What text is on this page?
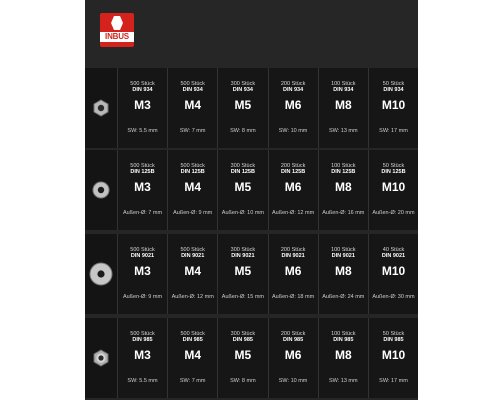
INBUS
500 Stück
DIN 934
M3
SW: 5.5 mm
500 Stück
DIN 934
M4
SW: 7 mm
300 Stück
DIN 934
M5
SW: 8 mm
200 Stück
DIN 934
M6
SW: 10 mm
100 Stück
DIN 934
M8
SW: 13 mm
50 Stück
DIN 934
M10
SW: 17 mm
500 Stück
DIN 125B
M3
Außen-Ø: 7 mm
500 Stück
DIN 125B
M4
Außen-Ø: 9 mm
300 Stück
DIN 125B
M5
Außen-Ø: 10 mm
200 Stück
DIN 125B
M6
Außen-Ø: 12 mm
100 Stück
DIN 125B
M8
Außen-Ø: 16 mm
50 Stück
DIN 125B
M10
Außen-Ø: 20 mm
500 Stück
DIN 9021
M3
Außen-Ø: 9 mm
500 Stück
DIN 9021
M4
Außen-Ø: 12 mm
300 Stück
DIN 9021
M5
Außen-Ø: 15 mm
200 Stück
DIN 9021
M6
Außen-Ø: 18 mm
100 Stück
DIN 9021
M8
Außen-Ø: 24 mm
40 Stück
DIN 9021
M10
Außen-Ø: 30 mm
500 Stück
DIN 985
M3
SW: 5.5 mm
500 Stück
DIN 985
M4
SW: 7 mm
300 Stück
DIN 985
M5
SW: 8 mm
200 Stück
DIN 985
M6
SW: 10 mm
100 Stück
DIN 985
M8
SW: 13 mm
50 Stück
DIN 985
M10
SW: 17 mm
